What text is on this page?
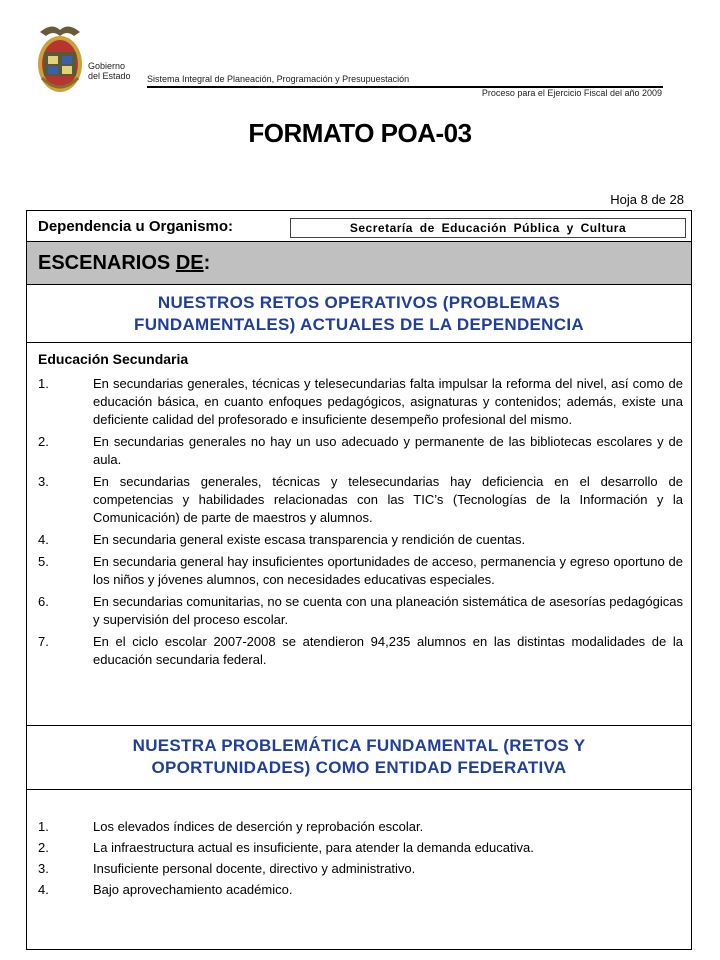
Gobierno
del Estado Sistema Integral de Planeación, Programación y Presupuestación
Proceso para el Ejercicio Fiscal del año 2009
FORMATO POA-03
Hoja 8 de 28
Dependencia u Organismo:	Secretaría de Educación Pública y Cultura
ESCENARIOS DE:
NUESTROS RETOS OPERATIVOS (PROBLEMAS
FUNDAMENTALES) ACTUALES DE LA DEPENDENCIA
Educación Secundaria
1.	En secundarias generales, técnicas y telesecundarias falta impulsar la reforma del nivel, así como de educación básica, en cuanto enfoques pedagógicos, asignaturas y contenidos; además, existe una deficiente calidad del profesorado e insuficiente desempeño profesional del mismo.
2.	En secundarias generales no hay un uso adecuado y permanente de las bibliotecas escolares y de aula.
3.	En secundarias generales, técnicas y telesecundarias hay deficiencia en el desarrollo de competencias y habilidades relacionadas con las TIC’s (Tecnologías de la Información y la Comunicación) de parte de maestros y alumnos.
4.	En secundaria general existe escasa transparencia y rendición de cuentas.
5.	En secundaria general hay insuficientes oportunidades de acceso, permanencia y egreso oportuno de los niños y jóvenes alumnos, con necesidades educativas especiales.
6.	En secundarias comunitarias, no se cuenta con una planeación sistemática de asesorías pedagógicas y supervisión del proceso escolar.
7.	En el ciclo escolar 2007-2008 se atendieron 94,235 alumnos en las distintas modalidades de la educación secundaria federal.
NUESTRA PROBLEMÁTICA FUNDAMENTAL (RETOS Y
OPORTUNIDADES) COMO ENTIDAD FEDERATIVA
1.	Los elevados índices de deserción y reprobación escolar.
2.	La infraestructura actual es insuficiente, para atender la demanda educativa.
3.	Insuficiente personal docente, directivo y administrativo.
4.	Bajo aprovechamiento académico.
